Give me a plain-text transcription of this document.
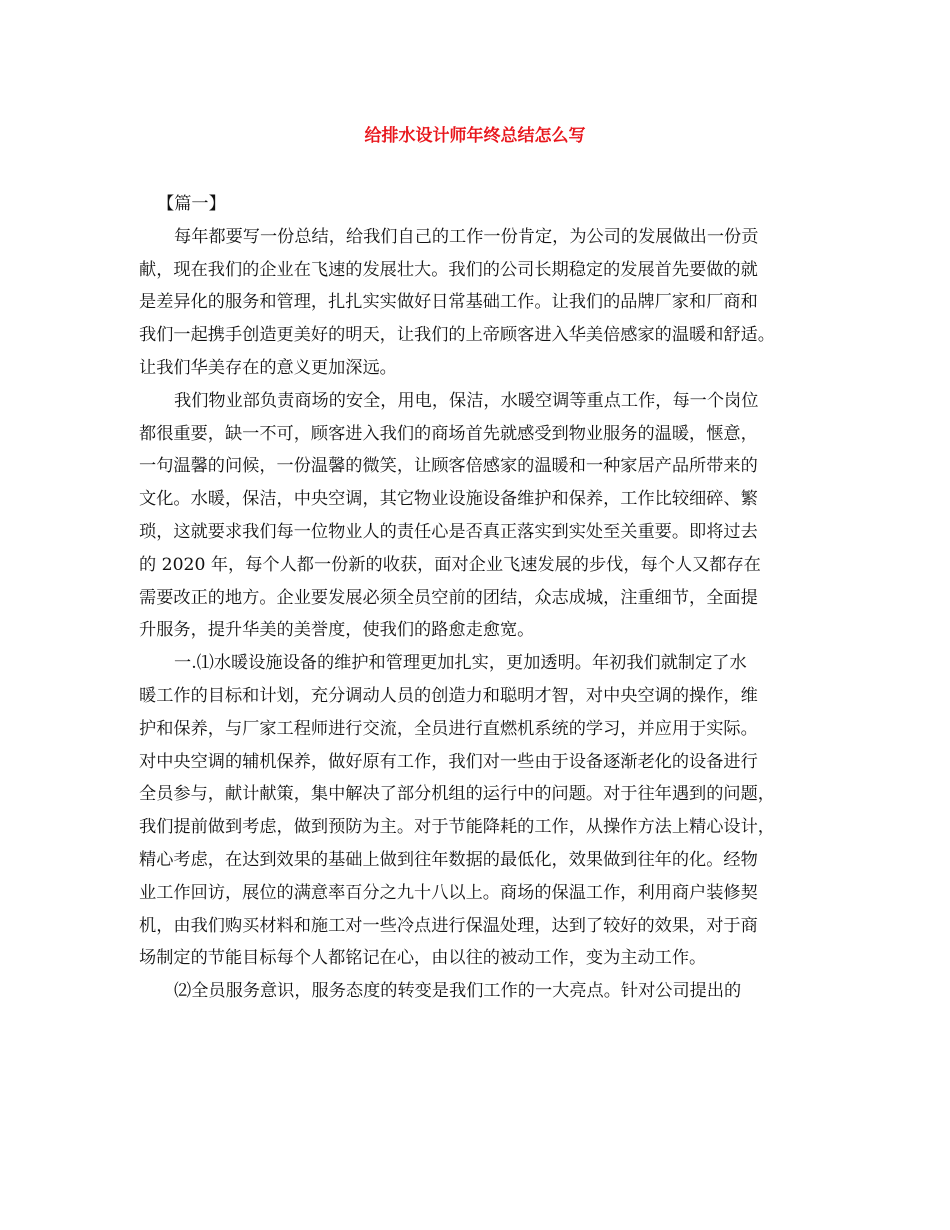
给排水设计师年终总结怎么写

【篇一】

每年都要写一份总结，给我们自己的工作一份肯定，为公司的发展做出一份贡
献，现在我们的企业在飞速的发展壮大。我们的公司长期稳定的发展首先要做的就
是差异化的服务和管理，扎扎实实做好日常基础工作。让我们的品牌厂家和厂商和
我们一起携手创造更美好的明天，让我们的上帝顾客进入华美倍感家的温暖和舒适。
让我们华美存在的意义更加深远。
我们物业部负责商场的安全，用电，保洁，水暖空调等重点工作，每一个岗位
都很重要，缺一不可，顾客进入我们的商场首先就感受到物业服务的温暖，惬意，
一句温馨的问候，一份温馨的微笑，让顾客倍感家的温暖和一种家居产品所带来的
文化。水暖，保洁，中央空调，其它物业设施设备维护和保养，工作比较细碎、繁
琐，这就要求我们每一位物业人的责任心是否真正落实到实处至关重要。即将过去
的 2020 年，每个人都一份新的收获，面对企业飞速发展的步伐，每个人又都存在
需要改正的地方。企业要发展必须全员空前的团结，众志成城，注重细节，全面提
升服务，提升华美的美誉度，使我们的路愈走愈宽。
一.⑴水暖设施设备的维护和管理更加扎实，更加透明。年初我们就制定了水
暖工作的目标和计划，充分调动人员的创造力和聪明才智，对中央空调的操作，维
护和保养，与厂家工程师进行交流，全员进行直燃机系统的学习，并应用于实际。
对中央空调的辅机保养，做好原有工作，我们对一些由于设备逐渐老化的设备进行
全员参与，献计献策，集中解决了部分机组的运行中的问题。对于往年遇到的问题，
我们提前做到考虑，做到预防为主。对于节能降耗的工作，从操作方法上精心设计，
精心考虑，在达到效果的基础上做到往年数据的最低化，效果做到往年的化。经物
业工作回访，展位的满意率百分之九十八以上。商场的保温工作，利用商户装修契
机，由我们购买材料和施工对一些冷点进行保温处理，达到了较好的效果，对于商
场制定的节能目标每个人都铭记在心，由以往的被动工作，变为主动工作。
⑵全员服务意识，服务态度的转变是我们工作的一大亮点。针对公司提出的
